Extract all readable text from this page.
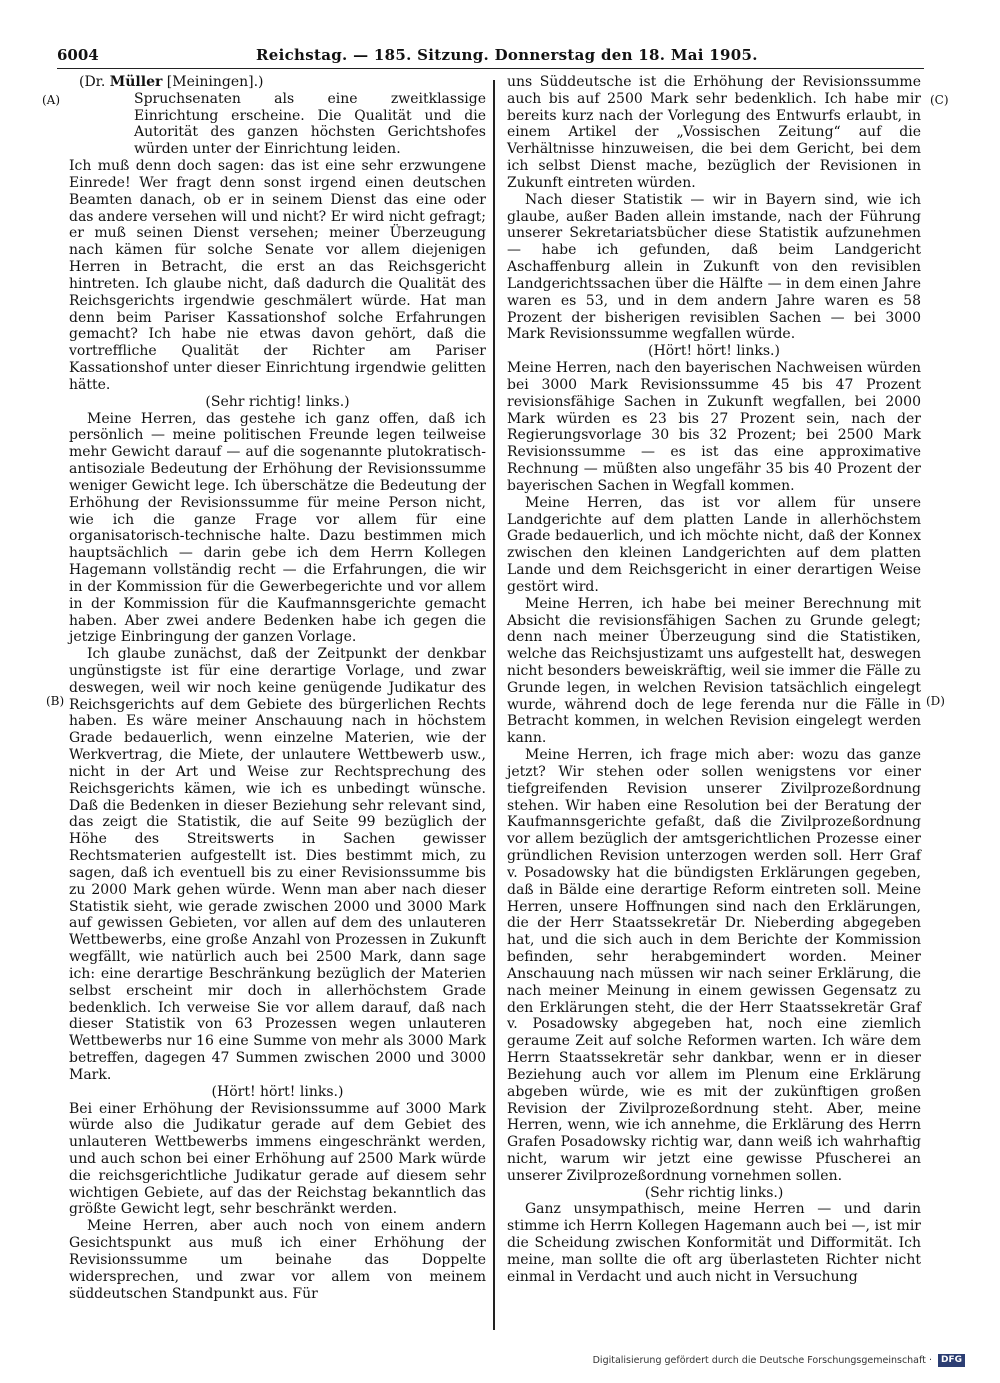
6004	Reichstag. — 185. Sitzung. Donnerstag den 18. Mai 1905.
(A)
(B)
(C)
(D)

(Dr. Müller [Meiningen].)

Spruchsenaten als eine zweitklassige Einrichtung erscheine. Die Qualität und die Autorität des ganzen höchsten Gerichtshofes würden unter der Einrichtung leiden.

Ich muß denn doch sagen: das ist eine sehr erzwungene Einrede! Wer fragt denn sonst irgend einen deutschen Beamten danach, ob er in seinem Dienst das eine oder das andere versehen will und nicht? Er wird nicht gefragt; er muß seinen Dienst versehen; meiner Überzeugung nach kämen für solche Senate vor allem diejenigen Herren in Betracht, die erst an das Reichsgericht hintreten. Ich glaube nicht, daß dadurch die Qualität des Reichsgerichts irgendwie geschmälert würde. Hat man denn beim Pariser Kassationshof solche Erfahrungen gemacht? Ich habe nie etwas davon gehört, daß die vortreffliche Qualität der Richter am Pariser Kassationshof unter dieser Einrichtung irgendwie gelitten hätte.

(Sehr richtig! links.)

Meine Herren, das gestehe ich ganz offen, daß ich persönlich — meine politischen Freunde legen teilweise mehr Gewicht darauf — auf die sogenannte plutokratisch-antisoziale Bedeutung der Erhöhung der Revisionssumme weniger Gewicht lege. Ich überschätze die Bedeutung der Erhöhung der Revisionssumme für meine Person nicht, wie ich die ganze Frage vor allem für eine organisatorisch-technische halte. Dazu bestimmen mich hauptsächlich — darin gebe ich dem Herrn Kollegen Hagemann vollständig recht — die Erfahrungen, die wir in der Kommission für die Gewerbegerichte und vor allem in der Kommission für die Kaufmannsgerichte gemacht haben. Aber zwei andere Bedenken habe ich gegen die jetzige Einbringung der ganzen Vorlage.

Ich glaube zunächst, daß der Zeitpunkt der denkbar ungünstigste ist für eine derartige Vorlage, und zwar deswegen, weil wir noch keine genügende Judikatur des Reichsgerichts auf dem Gebiete des bürgerlichen Rechts haben. Es wäre meiner Anschauung nach in höchstem Grade bedauerlich, wenn einzelne Materien, wie der Werkvertrag, die Miete, der unlautere Wettbewerb usw., nicht in der Art und Weise zur Rechtsprechung des Reichsgerichts kämen, wie ich es unbedingt wünsche. Daß die Bedenken in dieser Beziehung sehr relevant sind, das zeigt die Statistik, die auf Seite 99 bezüglich der Höhe des Streitswerts in Sachen gewisser Rechtsmaterien aufgestellt ist. Dies bestimmt mich, zu sagen, daß ich eventuell bis zu einer Revisionssumme bis zu 2000 Mark gehen würde. Wenn man aber nach dieser Statistik sieht, wie gerade zwischen 2000 und 3000 Mark auf gewissen Gebieten, vor allen auf dem des unlauteren Wettbewerbs, eine große Anzahl von Prozessen in Zukunft wegfällt, wie natürlich auch bei 2500 Mark, dann sage ich: eine derartige Beschränkung bezüglich der Materien selbst erscheint mir doch in allerhöchstem Grade bedenklich. Ich verweise Sie vor allem darauf, daß nach dieser Statistik von 63 Prozessen wegen unlauteren Wettbewerbs nur 16 eine Summe von mehr als 3000 Mark betreffen, dagegen 47 Summen zwischen 2000 und 3000 Mark.

(Hört! hört! links.)

Bei einer Erhöhung der Revisionssumme auf 3000 Mark würde also die Judikatur gerade auf dem Gebiet des unlauteren Wettbewerbs immens eingeschränkt werden, und auch schon bei einer Erhöhung auf 2500 Mark würde die reichsgerichtliche Judikatur gerade auf diesem sehr wichtigen Gebiete, auf das der Reichstag bekanntlich das größte Gewicht legt, sehr beschränkt werden.

Meine Herren, aber auch noch von einem andern Gesichtspunkt aus muß ich einer Erhöhung der Revisionssumme um beinahe das Doppelte widersprechen, und zwar vor allem von meinem süddeutschen Standpunkt aus. Für

uns Süddeutsche ist die Erhöhung der Revisionssumme auch bis auf 2500 Mark sehr bedenklich. Ich habe mir bereits kurz nach der Vorlegung des Entwurfs erlaubt, in einem Artikel der „Vossischen Zeitung“ auf die Verhältnisse hinzuweisen, die bei dem Gericht, bei dem ich selbst Dienst mache, bezüglich der Revisionen in Zukunft eintreten würden.

Nach dieser Statistik — wir in Bayern sind, wie ich glaube, außer Baden allein imstande, nach der Führung unserer Sekretariatsbücher diese Statistik aufzunehmen — habe ich gefunden, daß beim Landgericht Aschaffenburg allein in Zukunft von den revisiblen Landgerichtssachen über die Hälfte — in dem einen Jahre waren es 53, und in dem andern Jahre waren es 58 Prozent der bisherigen revisiblen Sachen — bei 3000 Mark Revisionssumme wegfallen würde.

(Hört! hört! links.)

Meine Herren, nach den bayerischen Nachweisen würden bei 3000 Mark Revisionssumme 45 bis 47 Prozent revisionsfähige Sachen in Zukunft wegfallen, bei 2000 Mark würden es 23 bis 27 Prozent sein, nach der Regierungsvorlage 30 bis 32 Prozent; bei 2500 Mark Revisionssumme — es ist das eine approximative Rechnung — müßten also ungefähr 35 bis 40 Prozent der bayerischen Sachen in Wegfall kommen.

Meine Herren, das ist vor allem für unsere Landgerichte auf dem platten Lande in allerhöchstem Grade bedauerlich, und ich möchte nicht, daß der Konnex zwischen den kleinen Landgerichten auf dem platten Lande und dem Reichsgericht in einer derartigen Weise gestört wird.

Meine Herren, ich habe bei meiner Berechnung mit Absicht die revisionsfähigen Sachen zu Grunde gelegt; denn nach meiner Überzeugung sind die Statistiken, welche das Reichsjustizamt uns aufgestellt hat, deswegen nicht besonders beweiskräftig, weil sie immer die Fälle zu Grunde legen, in welchen Revision tatsächlich eingelegt wurde, während doch de lege ferenda nur die Fälle in Betracht kommen, in welchen Revision eingelegt werden kann.

Meine Herren, ich frage mich aber: wozu das ganze jetzt? Wir stehen oder sollen wenigstens vor einer tiefgreifenden Revision unserer Zivilprozeßordnung stehen. Wir haben eine Resolution bei der Beratung der Kaufmannsgerichte gefaßt, daß die Zivilprozeßordnung vor allem bezüglich der amtsgerichtlichen Prozesse einer gründlichen Revision unterzogen werden soll. Herr Graf v. Posadowsky hat die bündigsten Erklärungen gegeben, daß in Bälde eine derartige Reform eintreten soll. Meine Herren, unsere Hoffnungen sind nach den Erklärungen, die der Herr Staatssekretär Dr. Nieberding abgegeben hat, und die sich auch in dem Berichte der Kommission befinden, sehr herabgemindert worden. Meiner Anschauung nach müssen wir nach seiner Erklärung, die nach meiner Meinung in einem gewissen Gegensatz zu den Erklärungen steht, die der Herr Staatssekretär Graf v. Posadowsky abgegeben hat, noch eine ziemlich geraume Zeit auf solche Reformen warten. Ich wäre dem Herrn Staatssekretär sehr dankbar, wenn er in dieser Beziehung auch vor allem im Plenum eine Erklärung abgeben würde, wie es mit der zukünftigen großen Revision der Zivilprozeßordnung steht. Aber, meine Herren, wenn, wie ich annehme, die Erklärung des Herrn Grafen Posadowsky richtig war, dann weiß ich wahrhaftig nicht, warum wir jetzt eine gewisse Pfuscherei an unserer Zivilprozeßordnung vornehmen sollen.

(Sehr richtig links.)

Ganz unsympathisch, meine Herren — und darin stimme ich Herrn Kollegen Hagemann auch bei —, ist mir die Scheidung zwischen Konformität und Difformität. Ich meine, man sollte die oft arg überlasteten Richter nicht einmal in Verdacht und auch nicht in Versuchung

Digitalisierung gefördert durch die Deutsche Forschungsgemeinschaft · DFG
